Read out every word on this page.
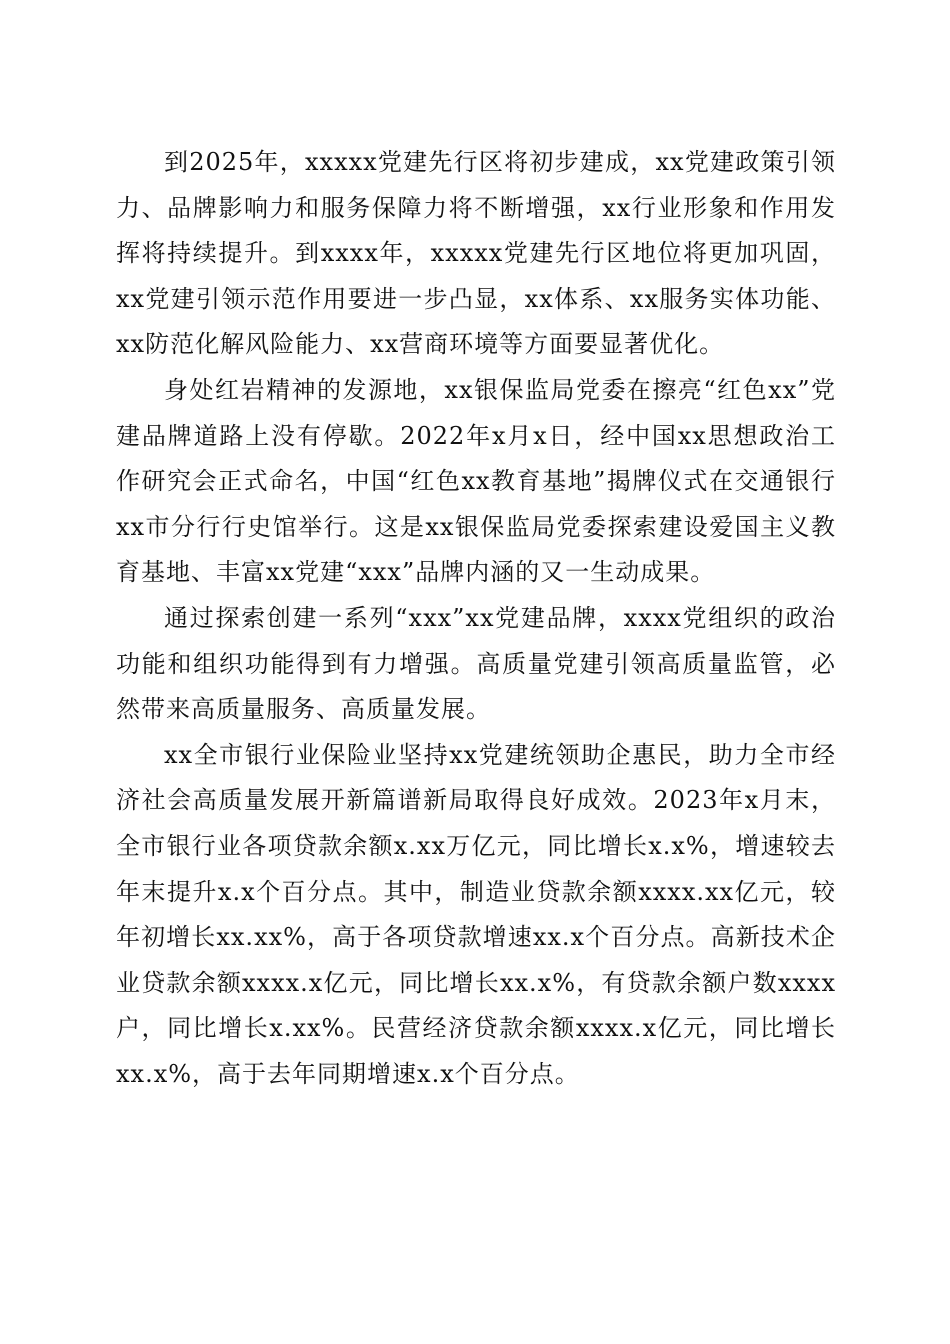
到2025年，xxxxx党建先行区将初步建成，xx党建政策引领力、品牌影响力和服务保障力将不断增强，xx行业形象和作用发挥将持续提升。到xxxx年，xxxxx党建先行区地位将更加巩固，xx党建引领示范作用要进一步凸显，xx体系、xx服务实体功能、xx防范化解风险能力、xx营商环境等方面要显著优化。

身处红岩精神的发源地，xx银保监局党委在擦亮“红色xx”党建品牌道路上没有停歇。2022年x月x日，经中国xx思想政治工作研究会正式命名，中国“红色xx教育基地”揭牌仪式在交通银行xx市分行行史馆举行。这是xx银保监局党委探索建设爱国主义教育基地、丰富xx党建“xxx”品牌内涵的又一生动成果。

通过探索创建一系列“xxx”xx党建品牌，xxxx党组织的政治功能和组织功能得到有力增强。高质量党建引领高质量监管，必然带来高质量服务、高质量发展。

xx全市银行业保险业坚持xx党建统领助企惠民，助力全市经济社会高质量发展开新篇谱新局取得良好成效。2023年x月末，全市银行业各项贷款余额x.xx万亿元，同比增长x.x%，增速较去年末提升x.x个百分点。其中，制造业贷款余额xxxx.xx亿元，较年初增长xx.xx%，高于各项贷款增速xx.x个百分点。高新技术企业贷款余额xxxx.x亿元，同比增长xx.x%，有贷款余额户数xxxx户，同比增长x.xx%。民营经济贷款余额xxxx.x亿元，同比增长xx.x%，高于去年同期增速x.x个百分点。
